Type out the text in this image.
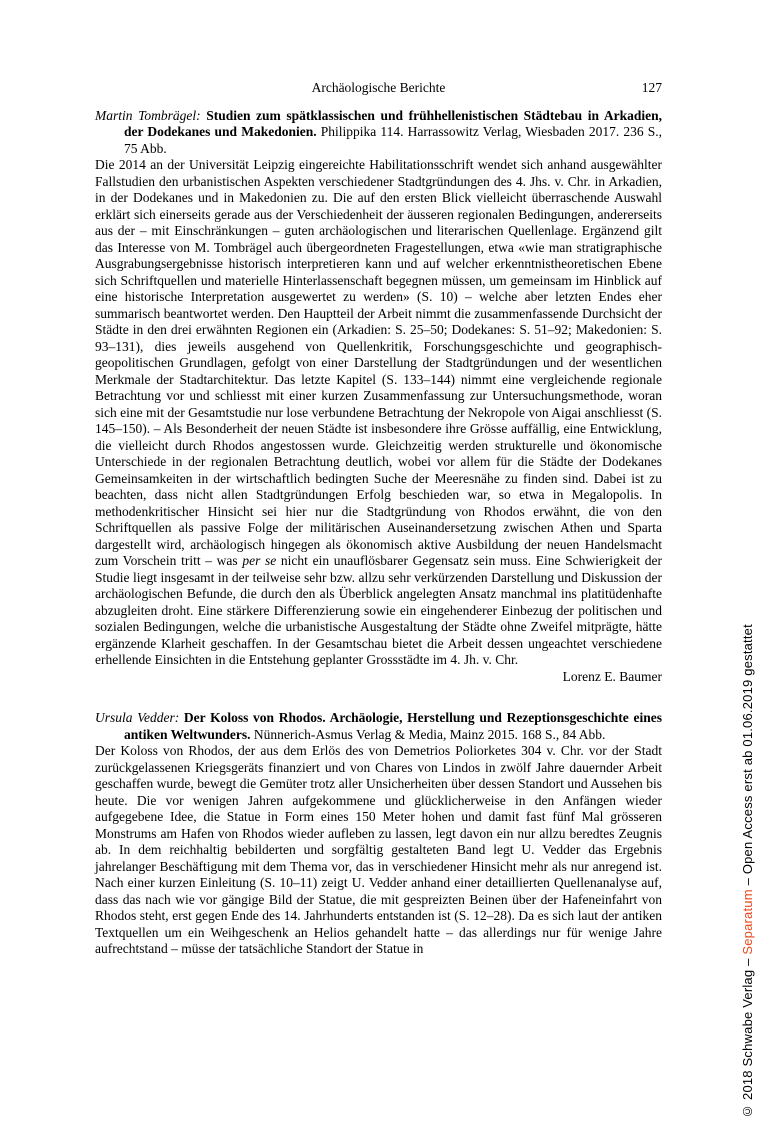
Archäologische Berichte	127

Martin Tombrägel: Studien zum spätklassischen und frühhellenistischen Städtebau in Arkadien, der Dodekanes und Makedonien. Philippika 114. Harrassowitz Verlag, Wiesbaden 2017. 236 S., 75 Abb.

Die 2014 an der Universität Leipzig eingereichte Habilitationsschrift wendet sich anhand ausgewählter Fallstudien den urbanistischen Aspekten verschiedener Stadtgründungen des 4. Jhs. v. Chr. in Arkadien, in der Dodekanes und in Makedonien zu. Die auf den ersten Blick vielleicht überraschende Auswahl erklärt sich einerseits gerade aus der Verschiedenheit der äusseren regionalen Bedingungen, andererseits aus der – mit Einschränkungen – guten archäologischen und literarischen Quellenlage. Ergänzend gilt das Interesse von M. Tombrägel auch übergeordneten Fragestellungen, etwa «wie man stratigraphische Ausgrabungsergebnisse historisch interpretieren kann und auf welcher erkenntnistheoretischen Ebene sich Schriftquellen und materielle Hinterlassenschaft begegnen müssen, um gemeinsam im Hinblick auf eine historische Interpretation ausgewertet zu werden» (S. 10) – welche aber letzten Endes eher summarisch beantwortet werden. Den Hauptteil der Arbeit nimmt die zusammenfassende Durchsicht der Städte in den drei erwähnten Regionen ein (Arkadien: S. 25–50; Dodekanes: S. 51–92; Makedonien: S. 93–131), dies jeweils ausgehend von Quellenkritik, Forschungsgeschichte und geographisch-geopolitischen Grundlagen, gefolgt von einer Darstellung der Stadtgründungen und der wesentlichen Merkmale der Stadtarchitektur. Das letzte Kapitel (S. 133–144) nimmt eine vergleichende regionale Betrachtung vor und schliesst mit einer kurzen Zusammenfassung zur Untersuchungsmethode, woran sich eine mit der Gesamtstudie nur lose verbundene Betrachtung der Nekropole von Aigai anschliesst (S. 145–150). – Als Besonderheit der neuen Städte ist insbesondere ihre Grösse auffällig, eine Entwicklung, die vielleicht durch Rhodos angestossen wurde. Gleichzeitig werden strukturelle und ökonomische Unterschiede in der regionalen Betrachtung deutlich, wobei vor allem für die Städte der Dodekanes Gemeinsamkeiten in der wirtschaftlich bedingten Suche der Meeresnähe zu finden sind. Dabei ist zu beachten, dass nicht allen Stadtgründungen Erfolg beschieden war, so etwa in Megalopolis. In methodenkritischer Hinsicht sei hier nur die Stadtgründung von Rhodos erwähnt, die von den Schriftquellen als passive Folge der militärischen Auseinandersetzung zwischen Athen und Sparta dargestellt wird, archäologisch hingegen als ökonomisch aktive Ausbildung der neuen Handelsmacht zum Vorschein tritt – was per se nicht ein unauflösbarer Gegensatz sein muss. Eine Schwierigkeit der Studie liegt insgesamt in der teilweise sehr bzw. allzu sehr verkürzenden Darstellung und Diskussion der archäologischen Befunde, die durch den als Überblick angelegten Ansatz manchmal ins platitüdenhafte abzugleiten droht. Eine stärkere Differenzierung sowie ein eingehenderer Einbezug der politischen und sozialen Bedingungen, welche die urbanistische Ausgestaltung der Städte ohne Zweifel mitprägte, hätte ergänzende Klarheit geschaffen. In der Gesamtschau bietet die Arbeit dessen ungeachtet verschiedene erhellende Einsichten in die Entstehung geplanter Grossstädte im 4. Jh. v. Chr.

Lorenz E. Baumer

Ursula Vedder: Der Koloss von Rhodos. Archäologie, Herstellung und Rezeptionsgeschichte eines antiken Weltwunders. Nünnerich-Asmus Verlag & Media, Mainz 2015. 168 S., 84 Abb.

Der Koloss von Rhodos, der aus dem Erlös des von Demetrios Poliorketes 304 v. Chr. vor der Stadt zurückgelassenen Kriegsgeräts finanziert und von Chares von Lindos in zwölf Jahre dauernder Arbeit geschaffen wurde, bewegt die Gemüter trotz aller Unsicherheiten über dessen Standort und Aussehen bis heute. Die vor wenigen Jahren aufgekommene und glücklicherweise in den Anfängen wieder aufgegebene Idee, die Statue in Form eines 150 Meter hohen und damit fast fünf Mal grösseren Monstrums am Hafen von Rhodos wieder aufleben zu lassen, legt davon ein nur allzu beredtes Zeugnis ab. In dem reichhaltig bebilderten und sorgfältig gestalteten Band legt U. Vedder das Ergebnis jahrelanger Beschäftigung mit dem Thema vor, das in verschiedener Hinsicht mehr als nur anregend ist. Nach einer kurzen Einleitung (S. 10–11) zeigt U. Vedder anhand einer detaillierten Quellenanalyse auf, dass das nach wie vor gängige Bild der Statue, die mit gespreizten Beinen über der Hafeneinfahrt von Rhodos steht, erst gegen Ende des 14. Jahrhunderts entstanden ist (S. 12–28). Da es sich laut der antiken Textquellen um ein Weihgeschenk an Helios gehandelt hatte – das allerdings nur für wenige Jahre aufrechtstand – müsse der tatsächliche Standort der Statue in

© 2018 Schwabe Verlag – Separatum – Open Access erst ab 01.06.2019 gestattet
